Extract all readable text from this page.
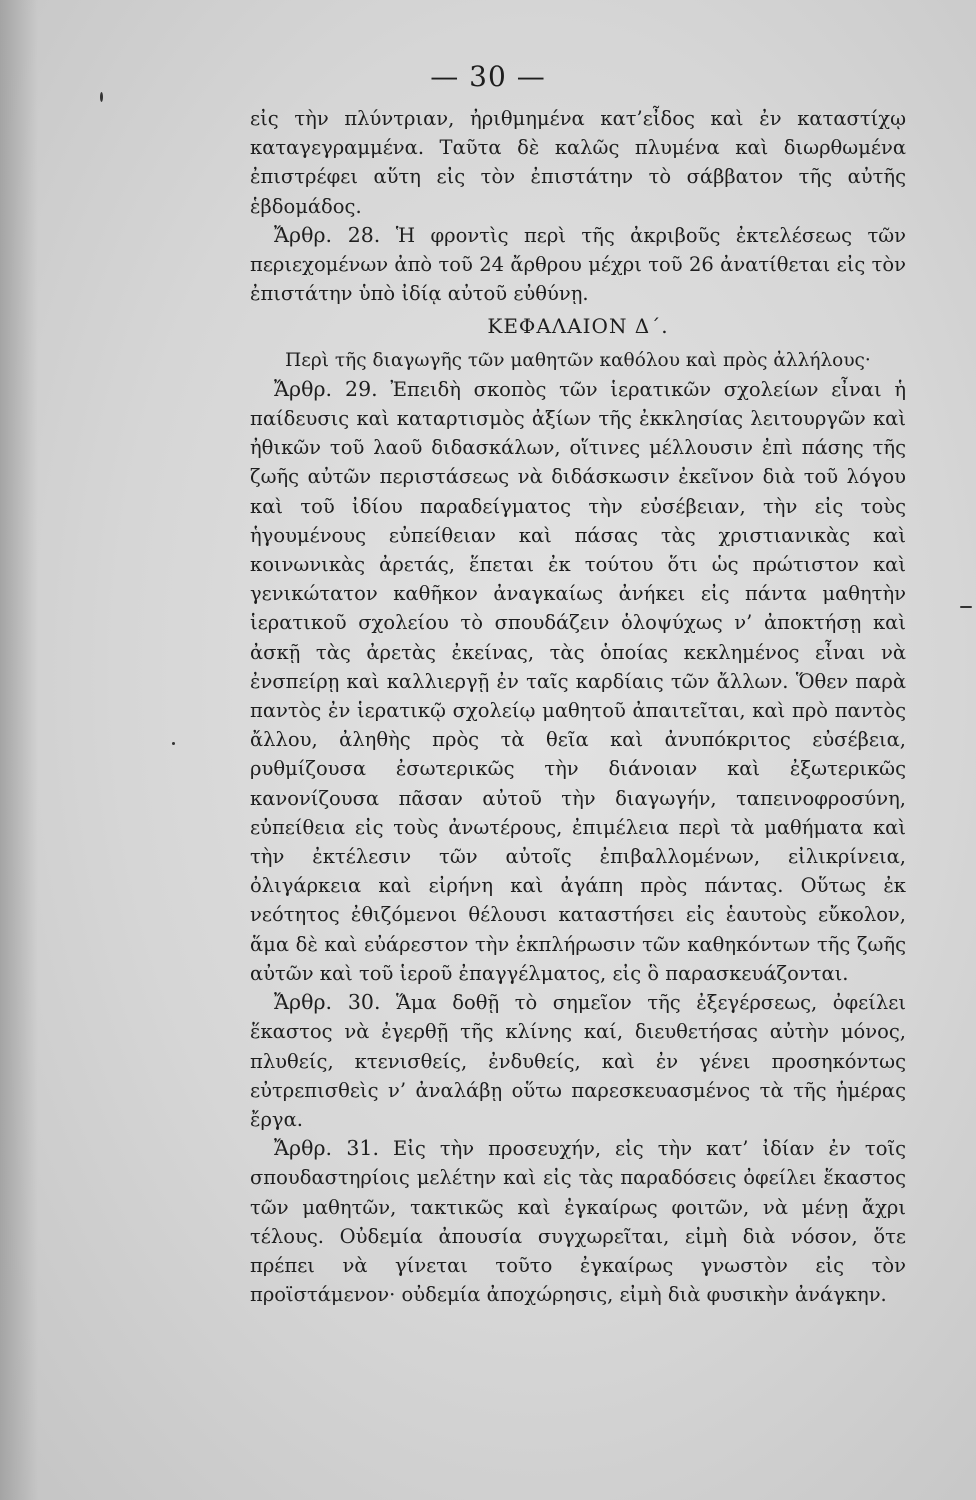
— 30 —

εἰς τὴν πλύντριαν, ἠριθμημένα κατ’εἶδος καὶ ἐν καταστίχῳ καταγεγραμμένα. Ταῦτα δὲ καλῶς πλυμένα καὶ διωρθωμένα ἐπιστρέφει αὕτη εἰς τὸν ἐπιστάτην τὸ σάββατον τῆς αὐτῆς ἑβδομάδος.

Ἄρθρ. 28. Ἡ φροντὶς περὶ τῆς ἀκριβοῦς ἐκτελέσεως τῶν περιεχομένων ἀπὸ τοῦ 24 ἄρθρου μέχρι τοῦ 26 ἀνατίθεται εἰς τὸν ἐπιστάτην ὑπὸ ἰδίᾳ αὐτοῦ εὐθύνῃ.

ΚΕΦΑΛΑΙΟΝ Δ΄.

Περὶ τῆς διαγωγῆς τῶν μαθητῶν καθόλου καὶ πρὸς ἀλλήλους·

Ἄρθρ. 29. Ἐπειδὴ σκοπὸς τῶν ἱερατικῶν σχολείων εἶναι ἡ παίδευσις καὶ καταρτισμὸς ἀξίων τῆς ἐκκλησίας λειτουργῶν καὶ ἠθικῶν τοῦ λαοῦ διδασκάλων, οἵτινες μέλλουσιν ἐπὶ πάσης τῆς ζωῆς αὐτῶν περιστάσεως νὰ διδάσκωσιν ἐκεῖνον διὰ τοῦ λόγου καὶ τοῦ ἰδίου παραδείγματος τὴν εὐσέβειαν, τὴν εἰς τοὺς ἡγουμένους εὐπείθειαν καὶ πάσας τὰς χριστιανικὰς καὶ κοινωνικὰς ἀρετάς, ἕπεται ἐκ τούτου ὅτι ὡς πρώτιστον καὶ γενικώτατον καθῆκον ἀναγκαίως ἀνήκει εἰς πάντα μαθητὴν ἱερατικοῦ σχολείου τὸ σπουδάζειν ὁλοψύχως ν’ ἀποκτήσῃ καὶ ἀσκῇ τὰς ἀρετὰς ἐκείνας, τὰς ὁποίας κεκλημένος εἶναι νὰ ἐνσπείρῃ καὶ καλλιεργῇ ἐν ταῖς καρδίαις τῶν ἄλλων. Ὅθεν παρὰ παντὸς ἐν ἱερατικῷ σχολείῳ μαθητοῦ ἀπαιτεῖται, καὶ πρὸ παντὸς ἄλλου, ἀληθὴς πρὸς τὰ θεῖα καὶ ἀνυπόκριτος εὐσέβεια, ρυθμίζουσα ἐσωτερικῶς τὴν διάνοιαν καὶ ἐξωτερικῶς κανονίζουσα πᾶσαν αὐτοῦ τὴν διαγωγήν, ταπεινοφροσύνη, εὐπείθεια εἰς τοὺς ἀνωτέρους, ἐπιμέλεια περὶ τὰ μαθήματα καὶ τὴν ἐκτέλεσιν τῶν αὐτοῖς ἐπιβαλλομένων, εἰλικρίνεια, ὀλιγάρκεια καὶ εἰρήνη καὶ ἀγάπη πρὸς πάντας. Οὕτως ἐκ νεότητος ἐθιζόμενοι θέλουσι καταστήσει εἰς ἑαυτοὺς εὔκολον, ἅμα δὲ καὶ εὐάρεστον τὴν ἐκπλήρωσιν τῶν καθηκόντων τῆς ζωῆς αὐτῶν καὶ τοῦ ἱεροῦ ἐπαγγέλματος, εἰς ὃ παρασκευάζονται.

Ἄρθρ. 30. Ἅμα δοθῇ τὸ σημεῖον τῆς ἐξεγέρσεως, ὀφείλει ἕκαστος νὰ ἐγερθῇ τῆς κλίνης καί, διευθετήσας αὐτὴν μόνος, πλυθείς, κτενισθείς, ἐνδυθείς, καὶ ἐν γένει προσηκόντως εὐτρεπισθεὶς ν’ ἀναλάβῃ οὕτω παρεσκευασμένος τὰ τῆς ἡμέρας ἔργα.

Ἄρθρ. 31. Εἰς τὴν προσευχήν, εἰς τὴν κατ’ ἰδίαν ἐν τοῖς σπουδαστηρίοις μελέτην καὶ εἰς τὰς παραδόσεις ὀφείλει ἕκαστος τῶν μαθητῶν, τακτικῶς καὶ ἐγκαίρως φοιτῶν, νὰ μένῃ ἄχρι τέλους. Οὐδεμία ἀπουσία συγχωρεῖται, εἰμὴ διὰ νόσον, ὅτε πρέπει νὰ γίνεται τοῦτο ἐγκαίρως γνωστὸν εἰς τὸν προϊστάμενον· οὐδεμία ἀποχώρησις, εἰμὴ διὰ φυσικὴν ἀνάγκην.
